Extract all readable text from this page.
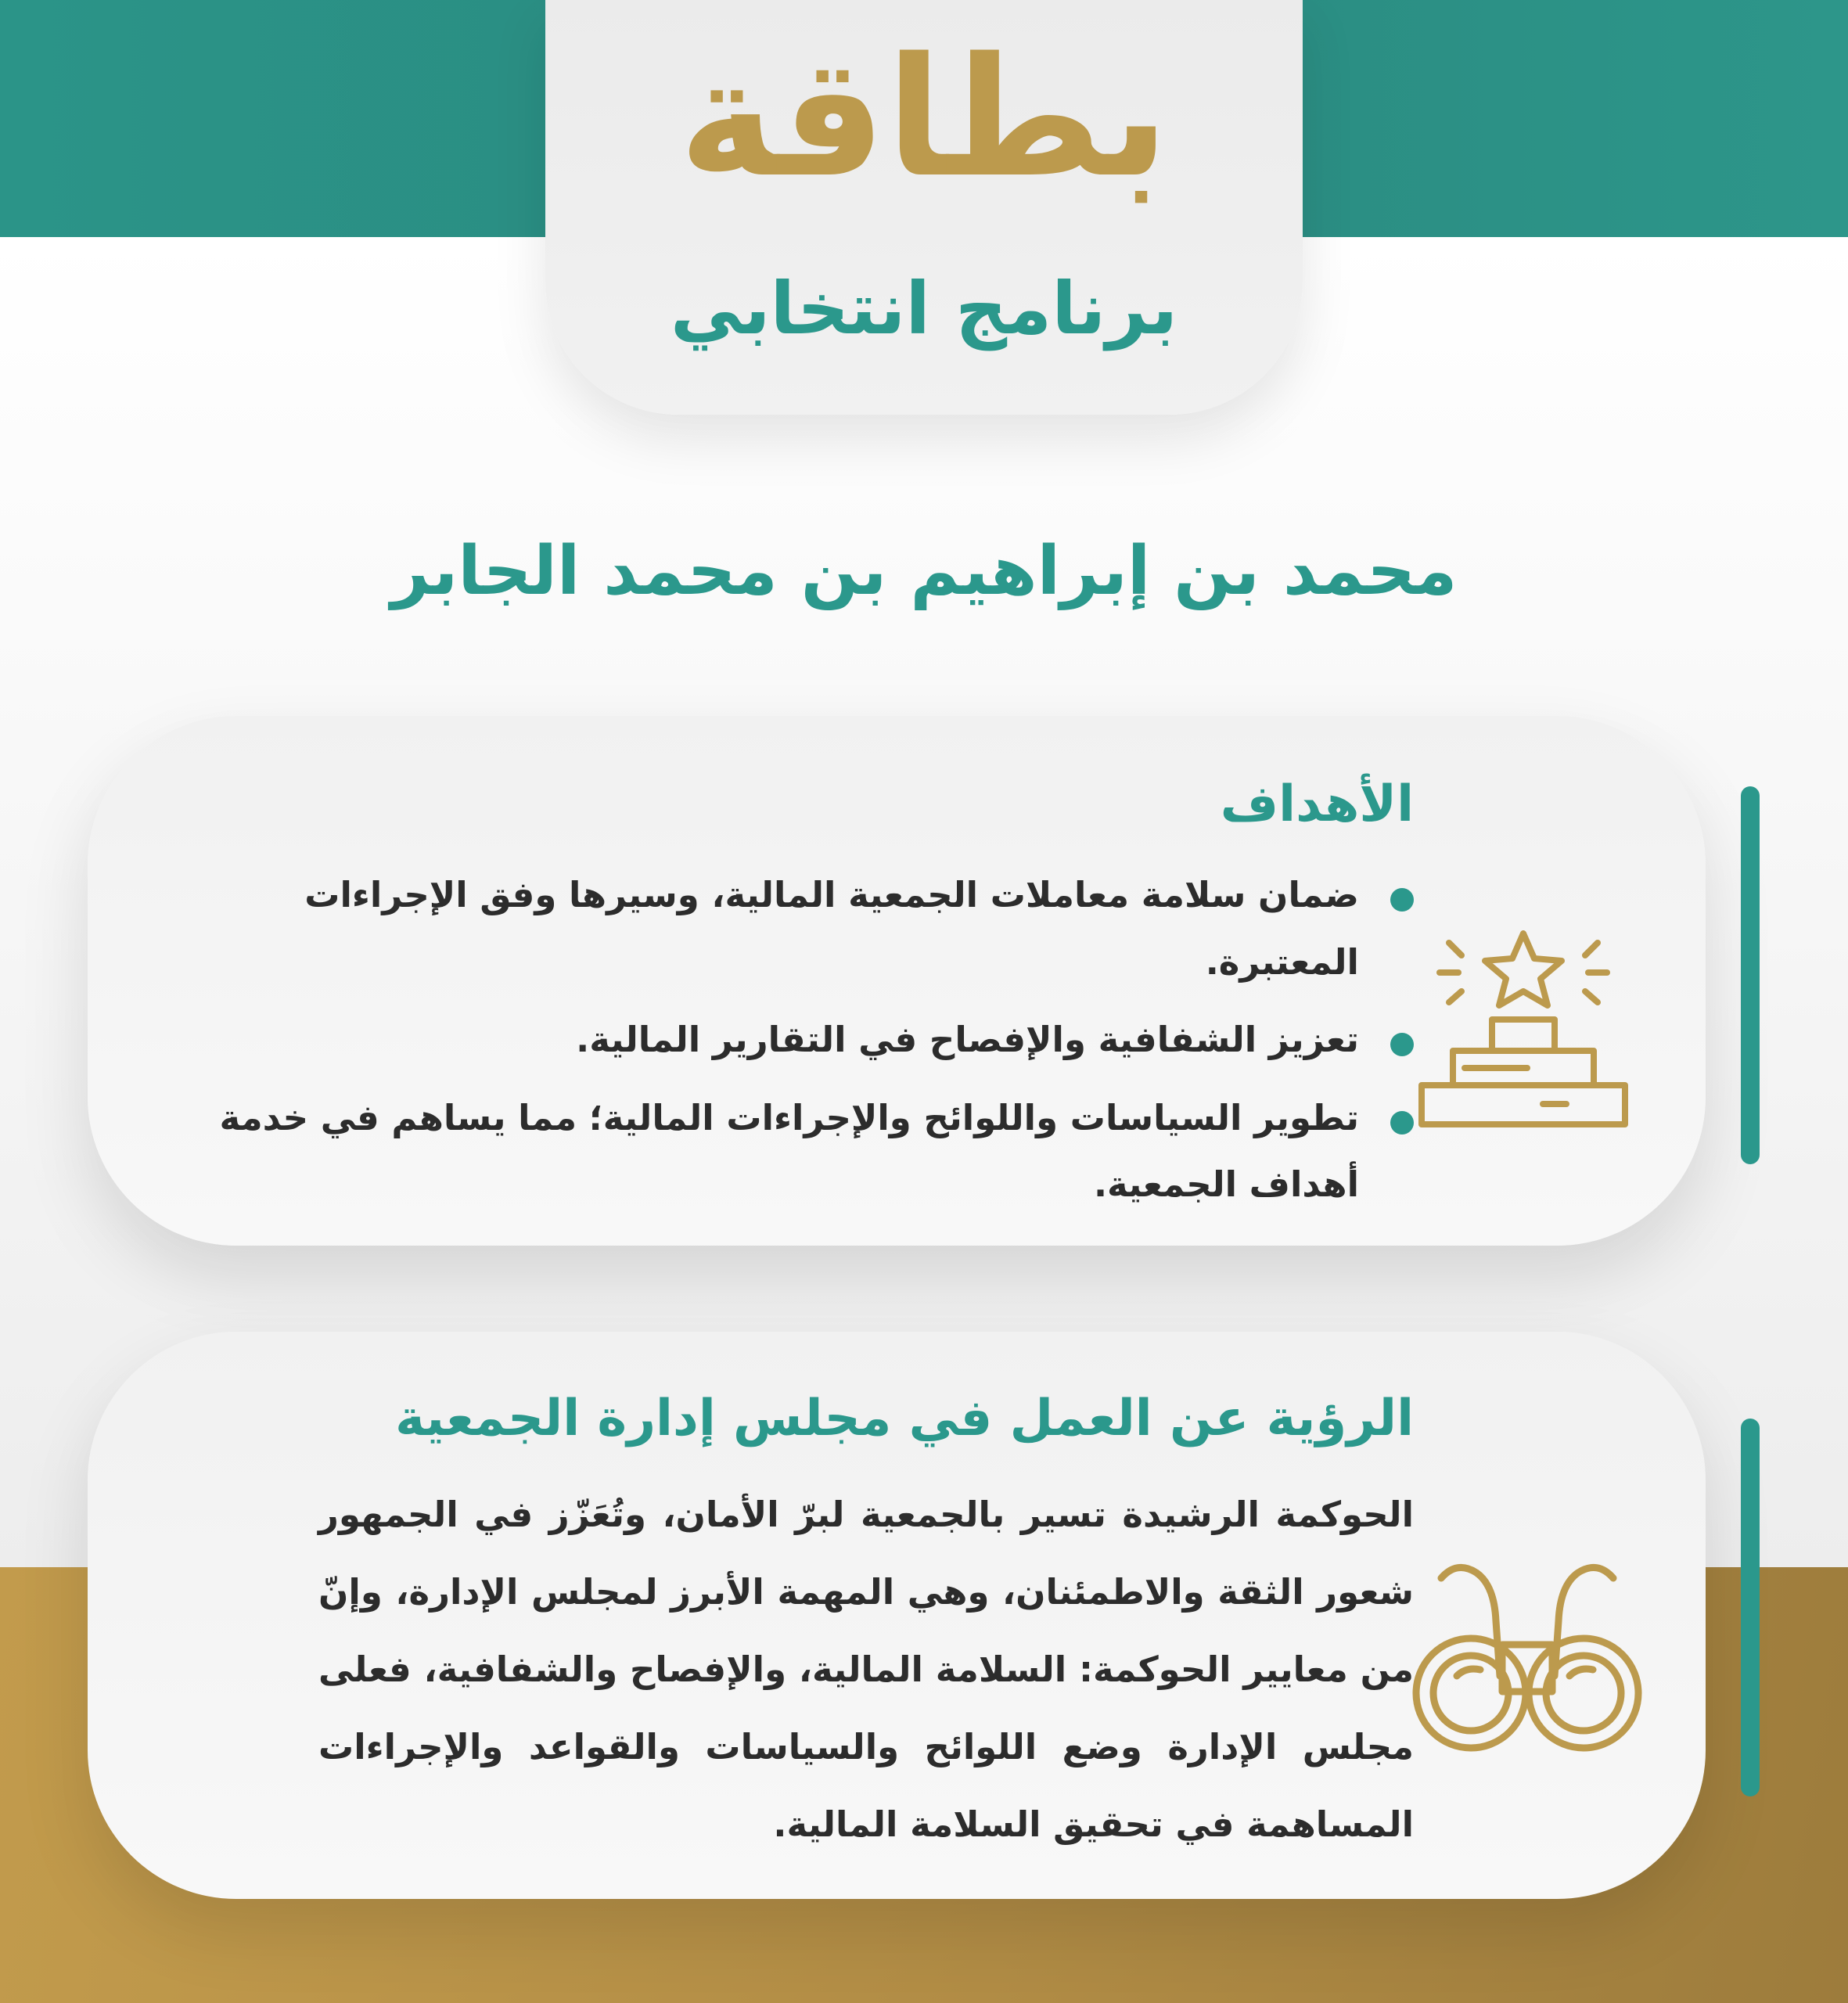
بطاقة
برنامج انتخابي
محمد بن إبراهيم بن محمد الجابر
الأهداف
ضمان سلامة معاملات الجمعية المالية، وسيرها وفق الإجراءات المعتبرة.
تعزيز الشفافية والإفصاح في التقارير المالية.
تطوير السياسات واللوائح والإجراءات المالية؛ مما يساهم في خدمة أهداف الجمعية.
الرؤية عن العمل في مجلس إدارة الجمعية

الحوكمة الرشيدة تسير بالجمعية لبرّ الأمان، وتُعَزّز في الجمهور شعور الثقة والاطمئنان، وهي المهمة الأبرز لمجلس الإدارة، وإنّ من معايير الحوكمة: السلامة المالية، والإفصاح والشفافية، فعلى مجلس الإدارة وضع اللوائح والسياسات والقواعد والإجراءات المساهمة في تحقيق السلامة المالية.
